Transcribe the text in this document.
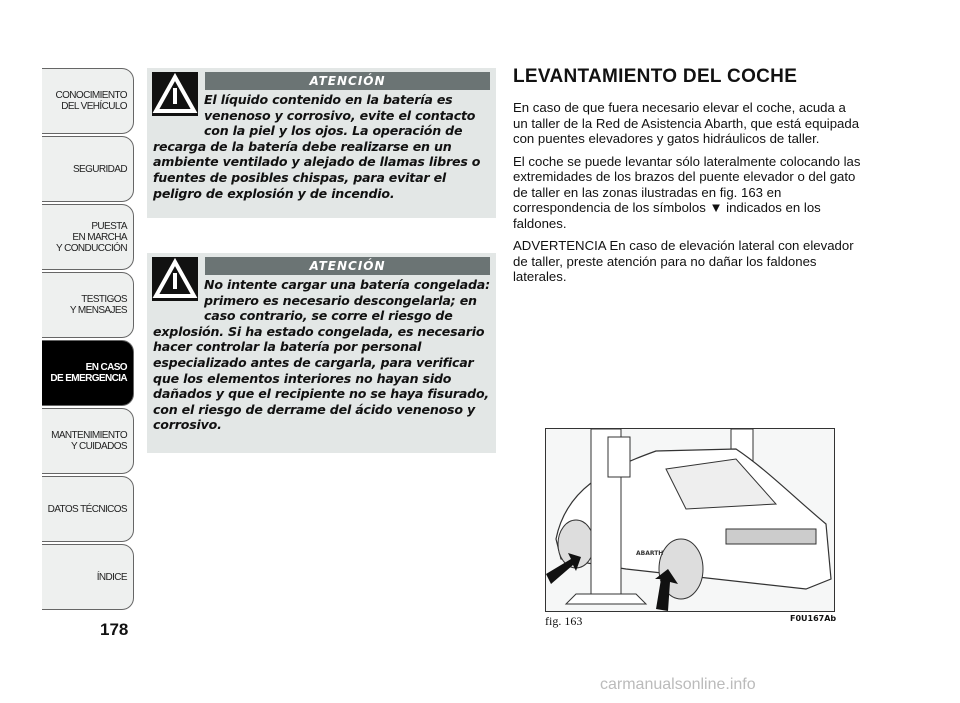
CONOCIMIENTO
DEL VEHÍCULO
SEGURIDAD
PUESTA
EN MARCHA
Y CONDUCCIÓN
TESTIGOS
Y MENSAJES
EN CASO
DE EMERGENCIA
MANTENIMIENTO
Y CUIDADOS
DATOS TÉCNICOS
ÍNDICE
178
ATENCIÓN
El líquido contenido en la batería es venenoso y corrosivo, evite el contacto con la piel y los ojos. La operación de recarga de la batería debe realizarse en un ambiente ventilado y alejado de llamas libres o fuentes de posibles chispas, para evitar el peligro de explosión y de incendio.
ATENCIÓN
No intente cargar una batería congelada: primero es necesario descongelarla; en caso contrario, se corre el riesgo de explosión. Si ha estado congelada, es necesario hacer controlar la batería por personal especializado antes de cargarla, para verificar que los elementos interiores no hayan sido dañados y que el recipiente no se haya fisurado, con el riesgo de derrame del ácido venenoso y corrosivo.
LEVANTAMIENTO DEL COCHE

En caso de que fuera necesario elevar el coche, acuda a un taller de la Red de Asistencia Abarth, que está equipada con puentes elevadores y gatos hidráulicos de taller.

El coche se puede levantar sólo lateralmente colocando las extremidades de los brazos del puente elevador o del gato de taller en las zonas ilustradas en fig. 163 en correspondencia de los símbolos ▼ indicados en los faldones.

ADVERTENCIA En caso de elevación lateral con elevador de taller, preste atención para no dañar los faldones laterales.

ABARTH
fig. 163	F0U167Ab
carmanualsonline.info
